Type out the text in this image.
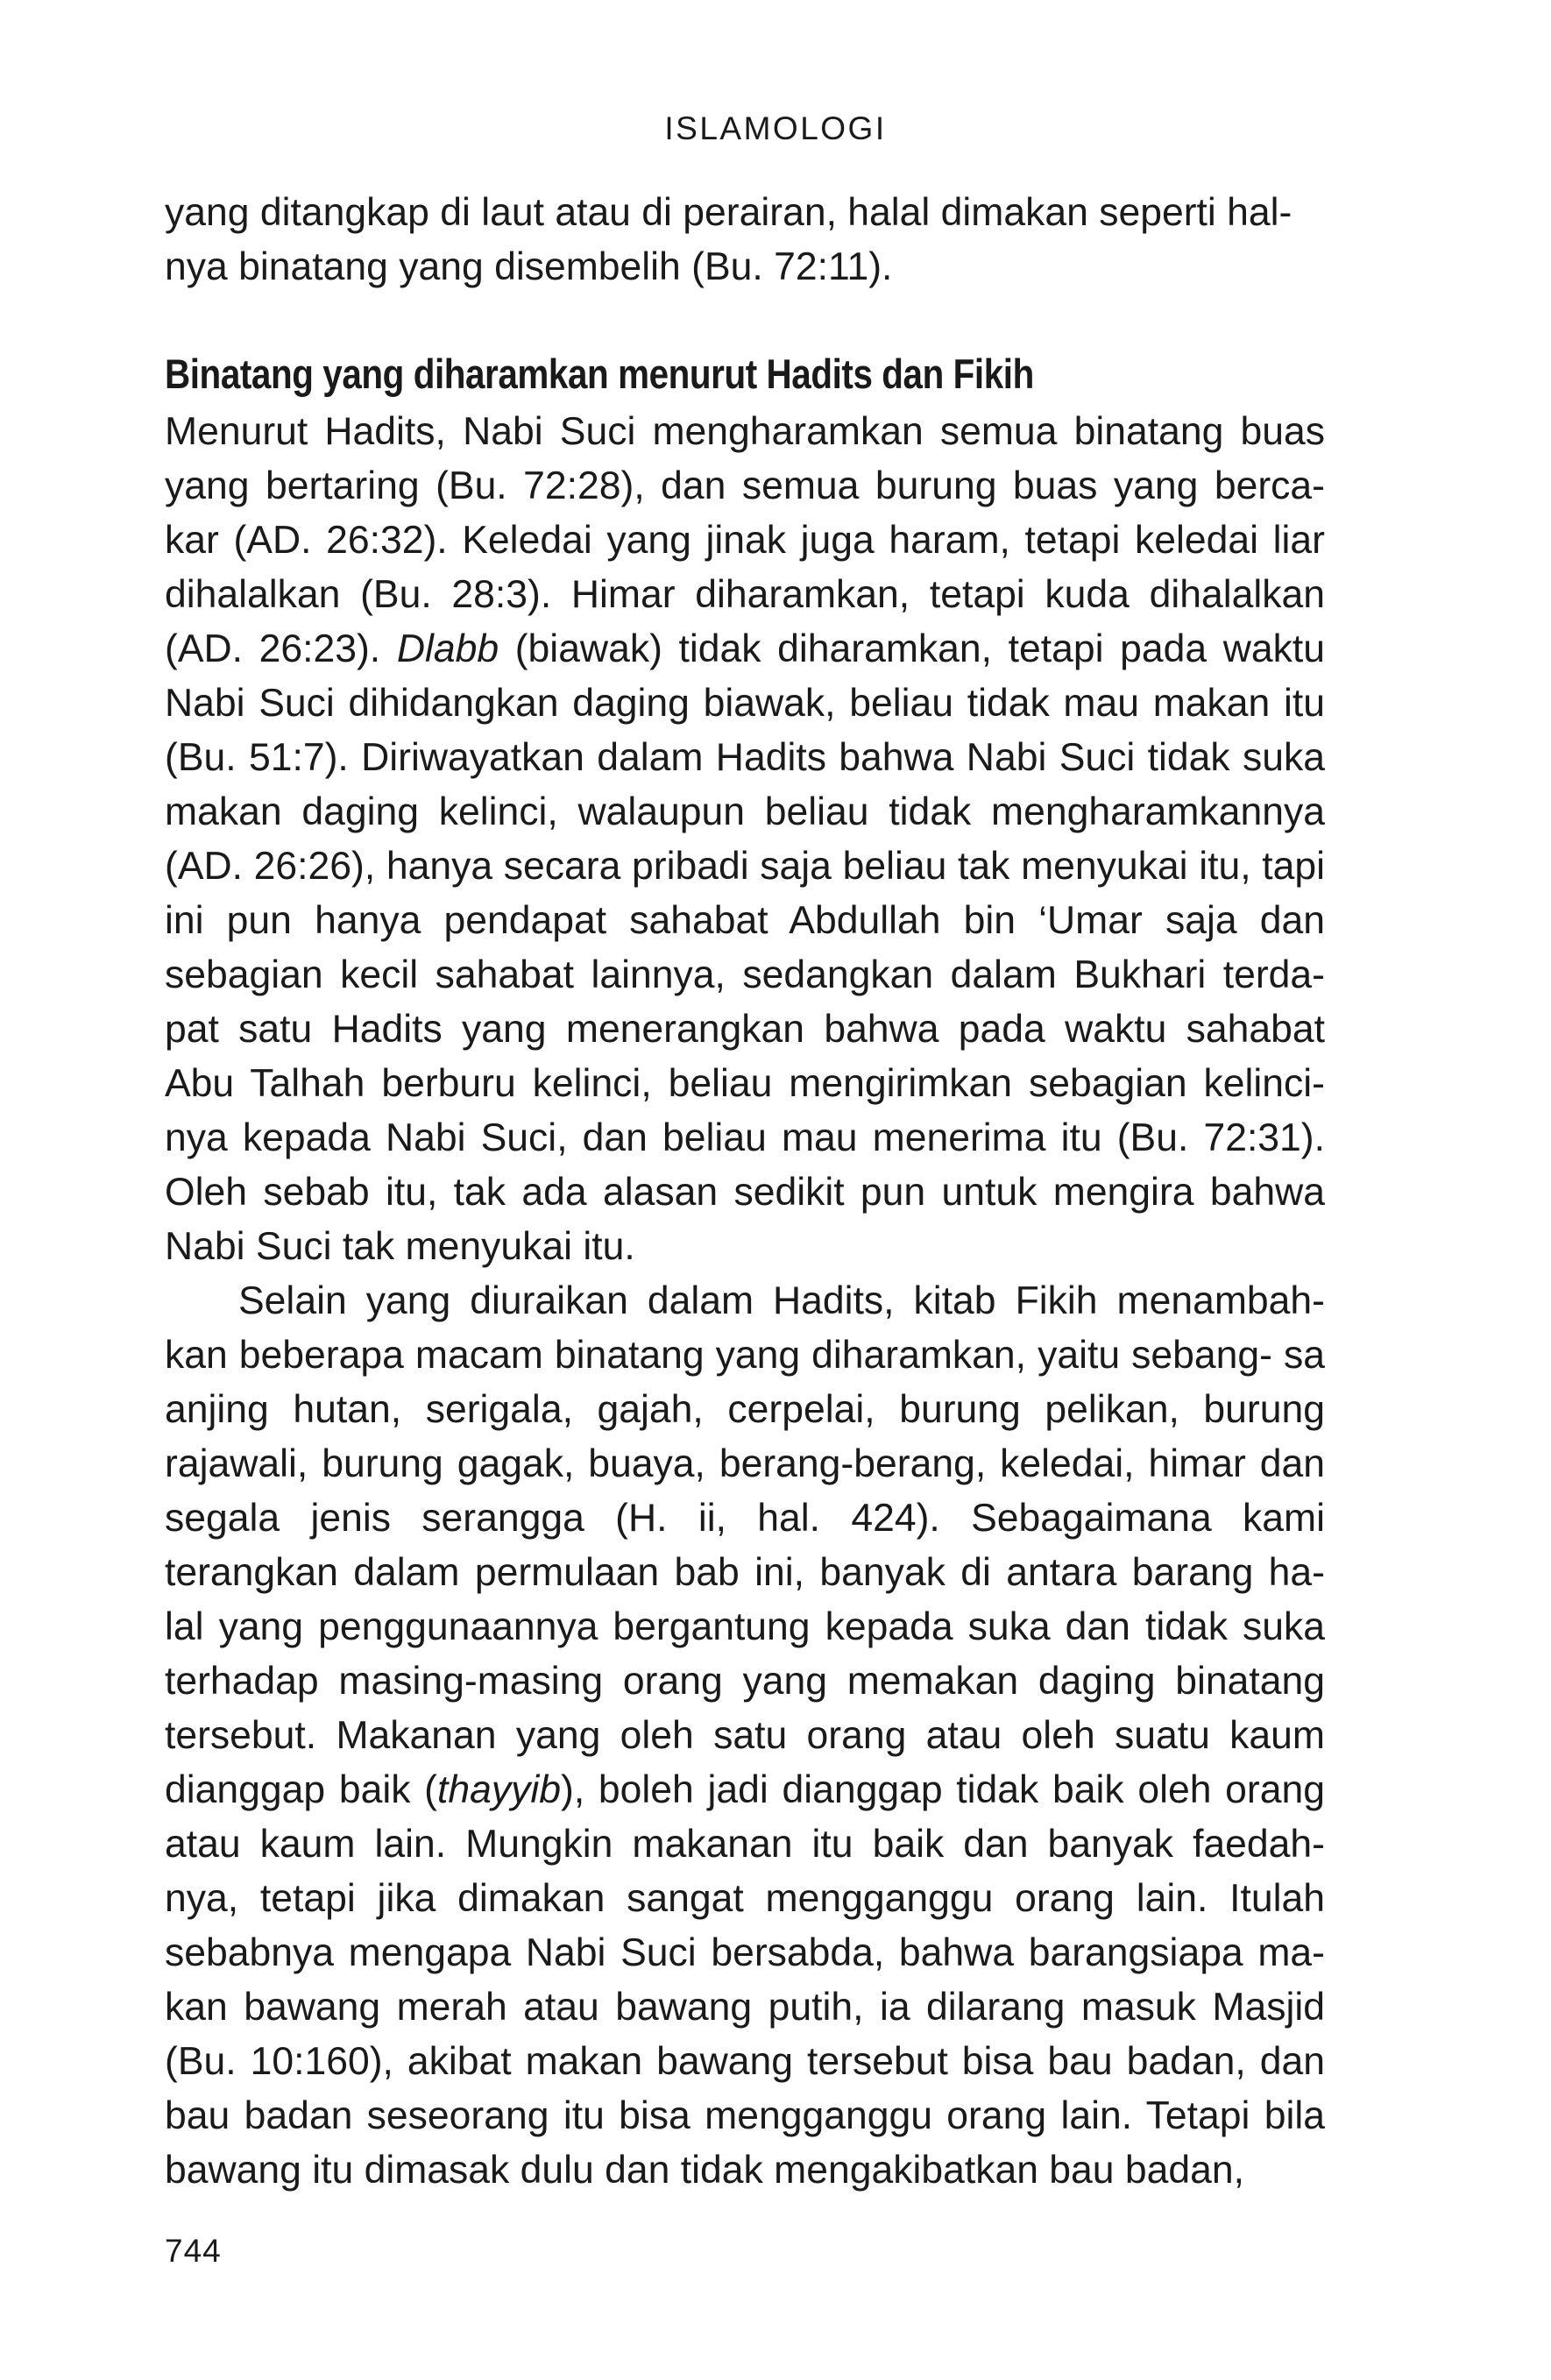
ISLAMOLOGI

yang ditangkap di laut atau di perairan, halal dimakan seperti hal-
nya binatang yang disembelih (Bu. 72:11).

Binatang yang diharamkan menurut Hadits dan Fikih

Menurut Hadits, Nabi Suci mengharamkan semua binatang buas yang bertaring (Bu. 72:28), dan semua burung buas yang berca- kar (AD. 26:32). Keledai yang jinak juga haram, tetapi keledai liar dihalalkan (Bu. 28:3). Himar diharamkan, tetapi kuda dihalalkan (AD. 26:23). Dlabb (biawak) tidak diharamkan, tetapi pada waktu Nabi Suci dihidangkan daging biawak, beliau tidak mau makan itu (Bu. 51:7). Diriwayatkan dalam Hadits bahwa Nabi Suci tidak suka makan daging kelinci, walaupun beliau tidak mengharamkannya (AD. 26:26), hanya secara pribadi saja beliau tak menyukai itu, tapi ini pun hanya pendapat sahabat Abdullah bin ‘Umar saja dan sebagian kecil sahabat lainnya, sedangkan dalam Bukhari terda- pat satu Hadits yang menerangkan bahwa pada waktu sahabat Abu Talhah berburu kelinci, beliau mengirimkan sebagian kelinci- nya kepada Nabi Suci, dan beliau mau menerima itu (Bu. 72:31). Oleh sebab itu, tak ada alasan sedikit pun untuk mengira bahwa Nabi Suci tak menyukai itu.

Selain yang diuraikan dalam Hadits, kitab Fikih menambah- kan beberapa macam binatang yang diharamkan, yaitu sebang- sa anjing hutan, serigala, gajah, cerpelai, burung pelikan, burung rajawali, burung gagak, buaya, berang-berang, keledai, himar dan segala jenis serangga (H. ii, hal. 424). Sebagaimana kami terangkan dalam permulaan bab ini, banyak di antara barang ha- lal yang penggunaannya bergantung kepada suka dan tidak suka terhadap masing-masing orang yang memakan daging binatang tersebut. Makanan yang oleh satu orang atau oleh suatu kaum dianggap baik (thayyib), boleh jadi dianggap tidak baik oleh orang atau kaum lain. Mungkin makanan itu baik dan banyak faedah- nya, tetapi jika dimakan sangat mengganggu orang lain. Itulah sebabnya mengapa Nabi Suci bersabda, bahwa barangsiapa ma- kan bawang merah atau bawang putih, ia dilarang masuk Masjid (Bu. 10:160), akibat makan bawang tersebut bisa bau badan, dan bau badan seseorang itu bisa mengganggu orang lain. Tetapi bila bawang itu dimasak dulu dan tidak mengakibatkan bau badan,

744
